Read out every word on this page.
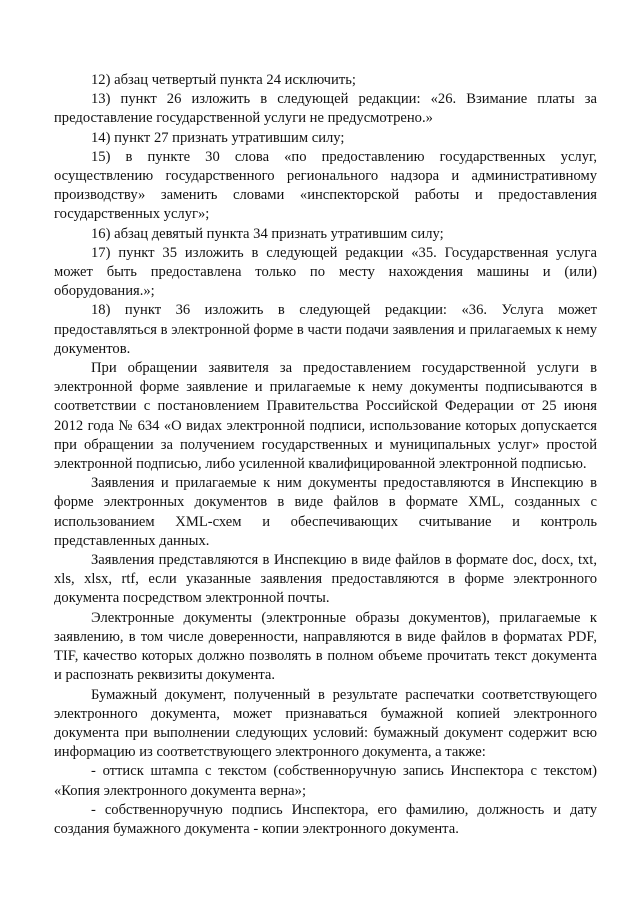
12) абзац четвертый пункта 24 исключить;

13) пункт 26 изложить в следующей редакции: «26. Взимание платы за предоставление государственной услуги не предусмотрено.»

14) пункт 27 признать утратившим силу;

15) в пункте 30 слова «по предоставлению государственных услуг, осуществлению государственного регионального надзора и административному производству» заменить словами «инспекторской работы и предоставления государственных услуг»;

16) абзац девятый пункта 34 признать утратившим силу;

17) пункт 35 изложить в следующей редакции «35. Государственная услуга может быть предоставлена только по месту нахождения машины и (или) оборудования.»;

18) пункт 36 изложить в следующей редакции: «36. Услуга может предоставляться в электронной форме в части подачи заявления и прилагаемых к нему документов.

При обращении заявителя за предоставлением государственной услуги в электронной форме заявление и прилагаемые к нему документы подписываются в соответствии с постановлением Правительства Российской Федерации от 25 июня 2012 года № 634 «О видах электронной подписи, использование которых допускается при обращении за получением государственных и муниципальных услуг» простой электронной подписью, либо усиленной квалифицированной электронной подписью.

Заявления и прилагаемые к ним документы предоставляются в Инспекцию в форме электронных документов в виде файлов в формате XML, созданных с использованием XML-схем и обеспечивающих считывание и контроль представленных данных.

Заявления представляются в Инспекцию в виде файлов в формате doc, docx, txt, xls, xlsx, rtf, если указанные заявления предоставляются в форме электронного документа посредством электронной почты.

Электронные документы (электронные образы документов), прилагаемые к заявлению, в том числе доверенности, направляются в виде файлов в форматах PDF, TIF, качество которых должно позволять в полном объеме прочитать текст документа и распознать реквизиты документа.

Бумажный документ, полученный в результате распечатки соответствующего электронного документа, может признаваться бумажной копией электронного документа при выполнении следующих условий: бумажный документ содержит всю информацию из соответствующего электронного документа, а также:

- оттиск штампа с текстом (собственноручную запись Инспектора с текстом) «Копия электронного документа верна»;

- собственноручную подпись Инспектора, его фамилию, должность и дату создания бумажного документа - копии электронного документа.
